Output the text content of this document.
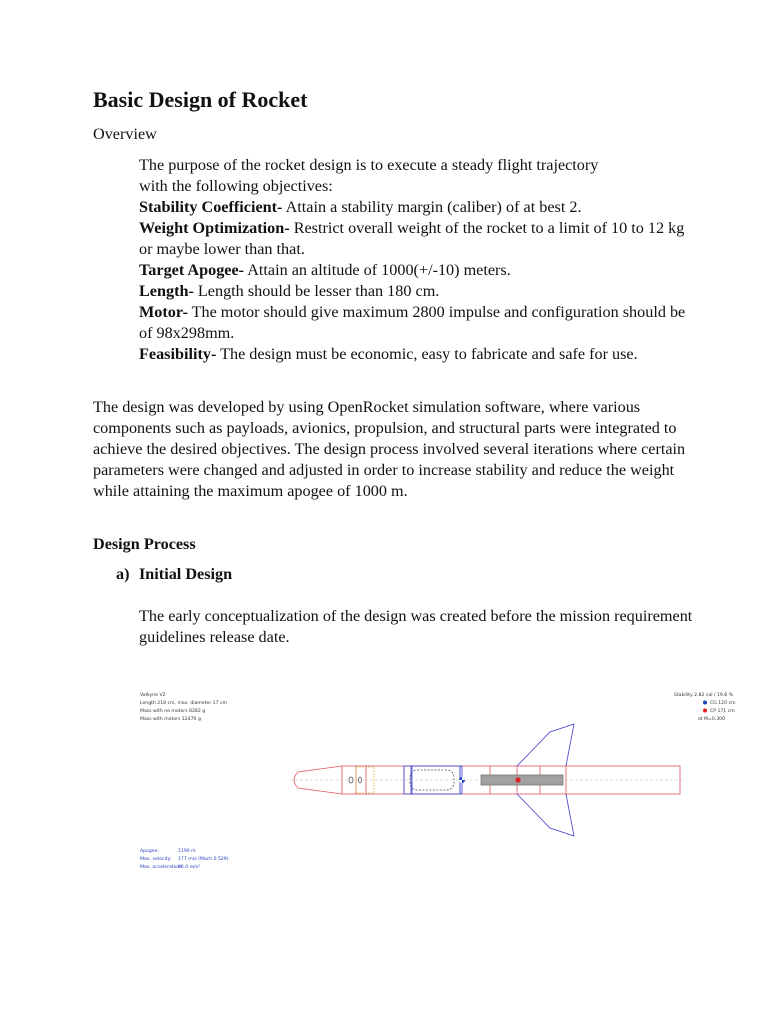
Basic Design of Rocket

Overview

The purpose of the rocket design is to execute a steady flight trajectory
with the following objectives:
Stability Coefficient- Attain a stability margin (caliber) of at best 2.
Weight Optimization- Restrict overall weight of the rocket to a limit of 10 to 12 kg or maybe lower than that.
Target Apogee- Attain an altitude of 1000(+/-10) meters.
Length- Length should be lesser than 180 cm.
Motor- The motor should give maximum 2800 impulse and configuration should be of 98x298mm.
Feasibility- The design must be economic, easy to fabricate and safe for use.

The design was developed by using OpenRocket simulation software, where various components such as payloads, avionics, propulsion, and structural parts were integrated to achieve the desired objectives. The design process involved several iterations where certain parameters were changed and adjusted in order to increase stability and reduce the weight while attaining the maximum apogee of 1000 m.

Design Process

a) Initial Design

The early conceptualization of the design was created before the mission requirement guidelines release date.

Valkyrie V2
Length 218 cm, max. diameter 17 cm
Mass with no motors 8282 g
Mass with motors 12470 g
Stability 2.82 cal / 19.8 %
CG 120 cm
CP 171 cm
at M=0.300
Apogee:	1190 m
Max. velocity: 177 m/s (Mach 0.529)
Max. acceleration:
96.0 m/s²
